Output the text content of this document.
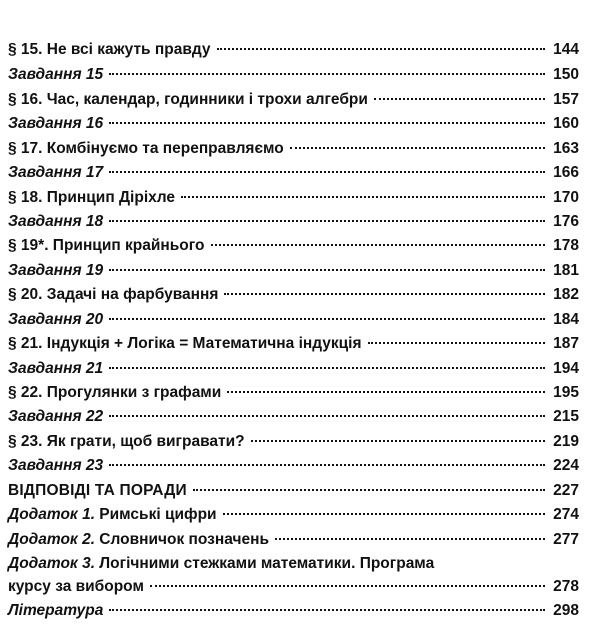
§ 15. Не всі кажуть правду	144
Завдання 15	150
§ 16. Час, календар, годинники і трохи алгебри	157
Завдання 16	160
§ 17. Комбінуємо та переправляємо	163
Завдання 17	166
§ 18. Принцип Діріхле	170
Завдання 18	176
§ 19*. Принцип крайнього	178
Завдання 19	181
§ 20. Задачі на фарбування	182
Завдання 20	184
§ 21. Індукція + Логіка = Математична індукція	187
Завдання 21	194
§ 22. Прогулянки з графами	195
Завдання 22	215
§ 23. Як грати, щоб вигравати?	219
Завдання 23	224
ВІДПОВІДІ ТА ПОРАДИ	227
Додаток 1. Римські цифри	274
Додаток 2. Словничок позначень	277
Додаток 3. Логічними стежками математики. Програма
курсу за вибором	278
Література	298
